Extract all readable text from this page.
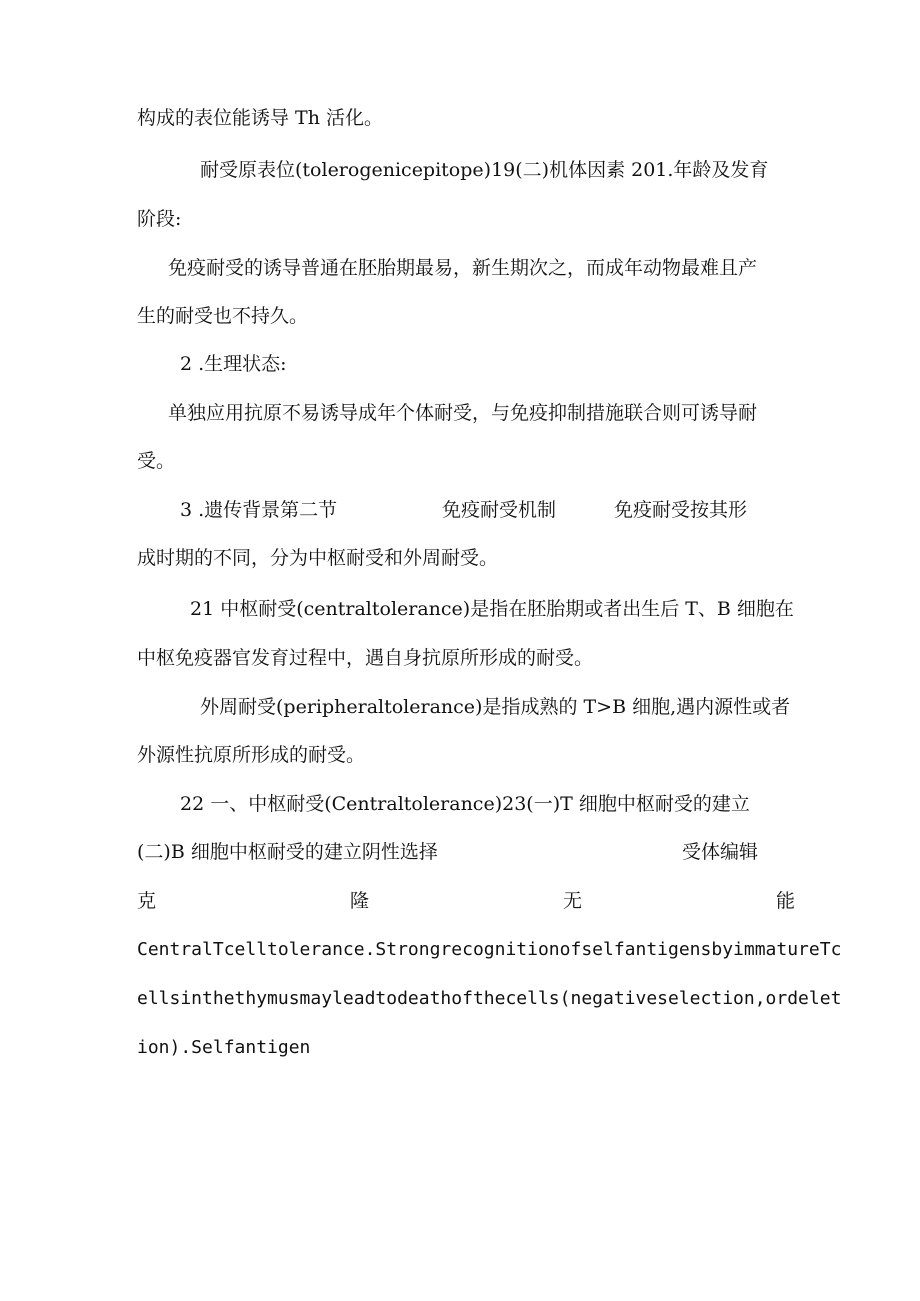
构成的表位能诱导 Th 活化。
耐受原表位(tolerogenicepitope)19(二)机体因素 201.年龄及发育
阶段:
免疫耐受的诱导普通在胚胎期最易，新生期次之，而成年动物最难且产
生的耐受也不持久。
2 .生理状态:
单独应用抗原不易诱导成年个体耐受，与免疫抑制措施联合则可诱导耐
受。
3 .遗传背景第二节	免疫耐受机制	免疫耐受按其形
成时期的不同，分为中枢耐受和外周耐受。
21 中枢耐受(centraltolerance)是指在胚胎期或者出生后 T、B 细胞在
中枢免疫器官发育过程中，遇自身抗原所形成的耐受。
外周耐受(peripheraltolerance)是指成熟的 T>B 细胞,遇内源性或者
外源性抗原所形成的耐受。
22 一、中枢耐受(Centraltolerance)23(一)T 细胞中枢耐受的建立
(二)B 细胞中枢耐受的建立阴性选择	受体编辑
克	隆	无	能
CentralTcelltolerance.StrongrecognitionofselfantigensbyimmatureTc
ellsinthethymusmayleadtodeathofthecells(negativeselection,ordelet
ion).Selfantigen
